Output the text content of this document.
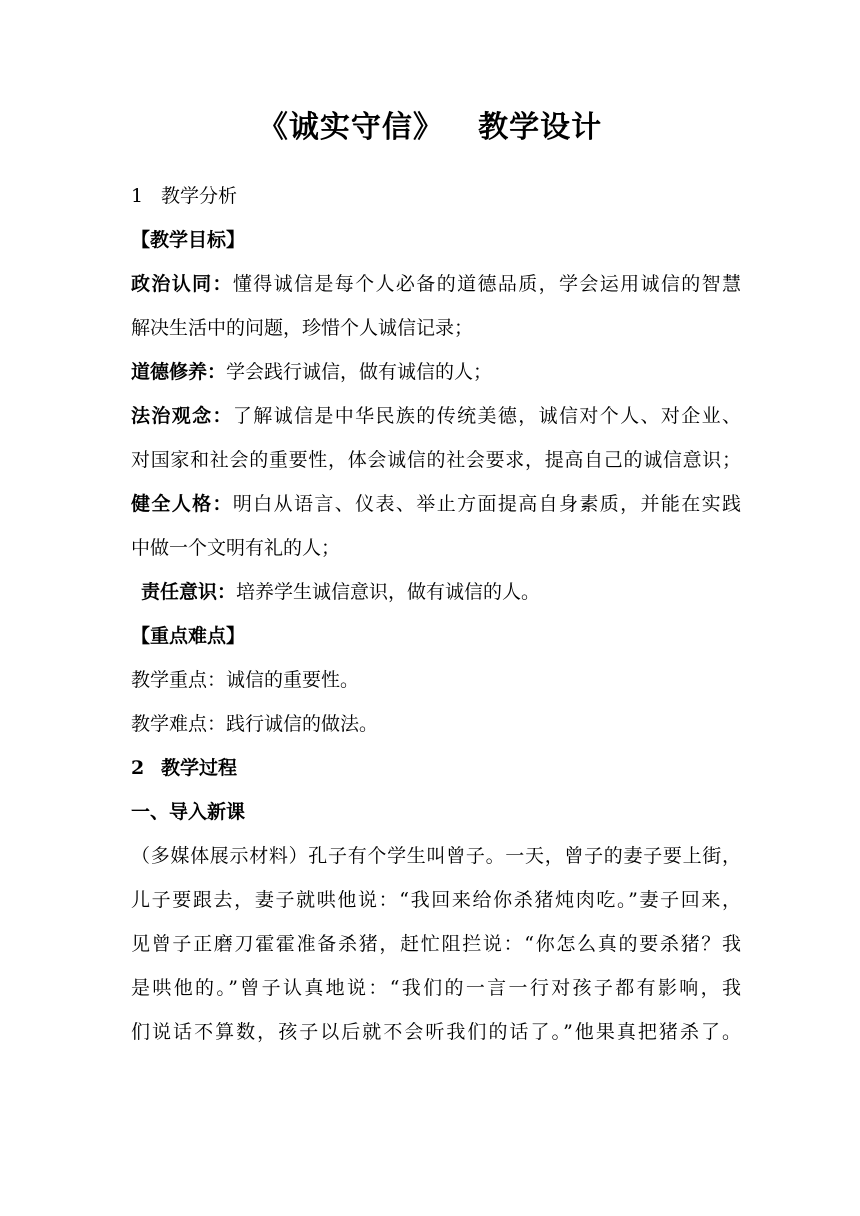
《诚实守信》   教学设计
1 教学分析
【教学目标】
政治认同：懂得诚信是每个人必备的道德品质，学会运用诚信的智慧
解决生活中的问题，珍惜个人诚信记录；
道德修养：学会践行诚信，做有诚信的人；
法治观念：了解诚信是中华民族的传统美德，诚信对个人、对企业、
对国家和社会的重要性，体会诚信的社会要求，提高自己的诚信意识；
健全人格：明白从语言、仪表、举止方面提高自身素质，并能在实践
中做一个文明有礼的人；
责任意识：培养学生诚信意识，做有诚信的人。
【重点难点】
教学重点：诚信的重要性。
教学难点：践行诚信的做法。
2 教学过程
一、导入新课
（多媒体展示材料）孔子有个学生叫曾子。一天，曾子的妻子要上街，
儿子要跟去，妻子就哄他说：“我回来给你杀猪炖肉吃。”妻子回来，
见曾子正磨刀霍霍准备杀猪，赶忙阻拦说：“你怎么真的要杀猪？我
是哄他的。”曾子认真地说：“我们的一言一行对孩子都有影响，我
们说话不算数，孩子以后就不会听我们的话了。”他果真把猪杀了。
